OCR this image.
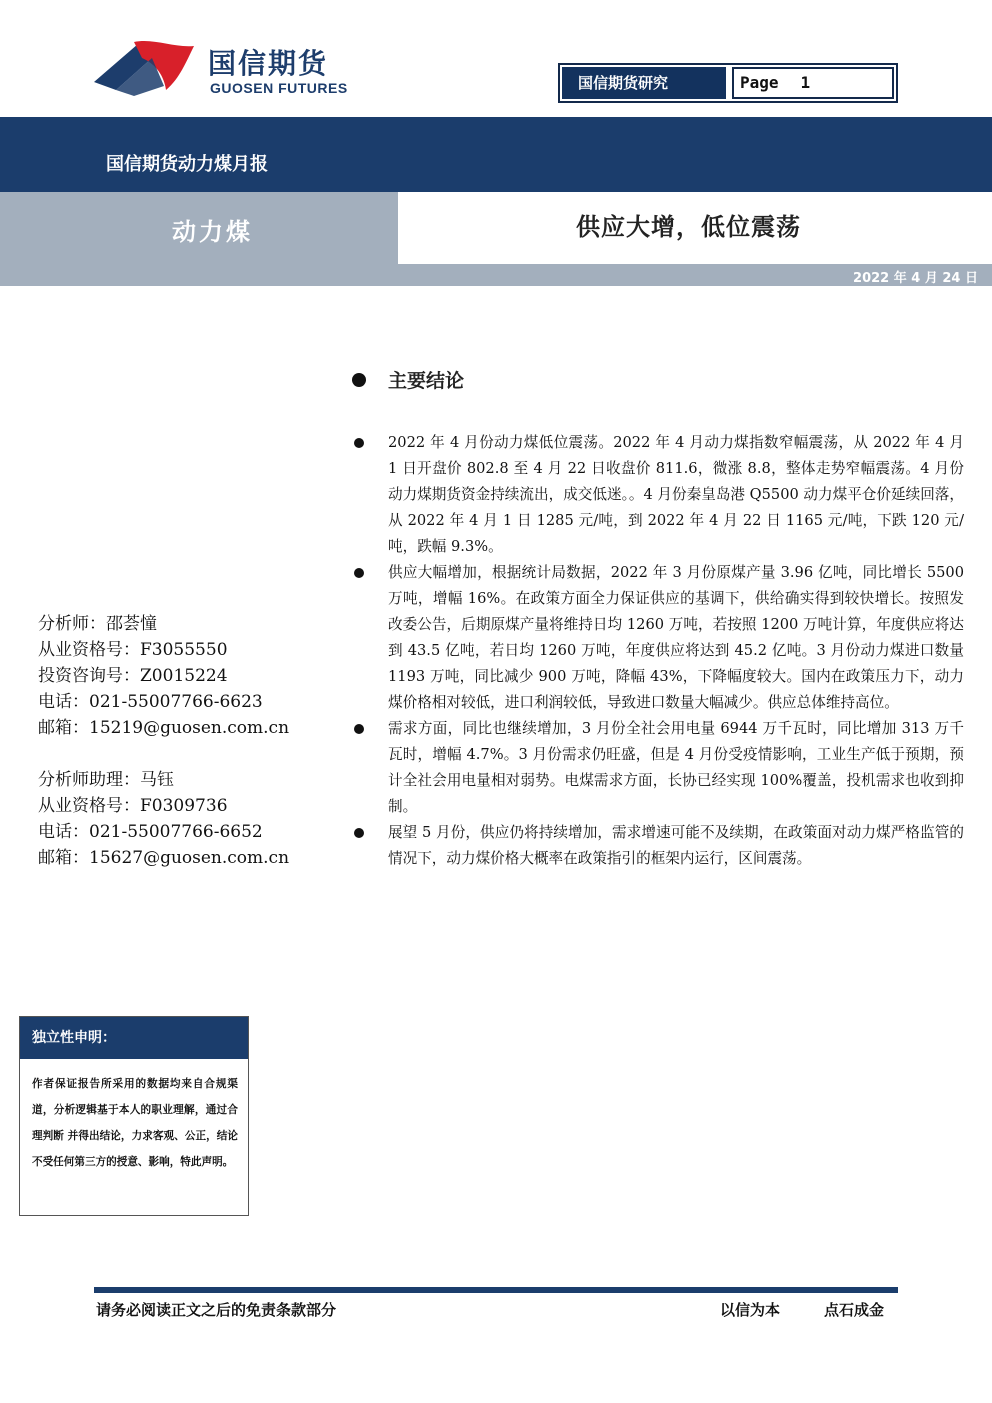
国信期货
GUOSEN FUTURES	国信期货研究	Page 1
国信期货动力煤月报
动力煤	供应大增，低位震荡
2022 年 4 月 24 日
主要结论
2022 年 4 月份动力煤低位震荡。2022 年 4 月动力煤指数窄幅震荡，从 2022 年 4 月 1 日开盘价 802.8 至 4 月 22 日收盘价 811.6，微涨 8.8，整体走势窄幅震荡。4 月份动力煤期货资金持续流出，成交低迷。。4 月份秦皇岛港 Q5500 动力煤平仓价延续回落，从 2022 年 4 月 1 日 1285 元/吨，到 2022 年 4 月 22 日 1165 元/吨，下跌 120 元/吨，跌幅 9.3%。
供应大幅增加，根据统计局数据，2022 年 3 月份原煤产量 3.96 亿吨，同比增长 5500 万吨，增幅 16%。在政策方面全力保证供应的基调下，供给确实得到较快增长。按照发改委公告，后期原煤产量将维持日均 1260 万吨，若按照 1200 万吨计算，年度供应将达到 43.5 亿吨，若日均 1260 万吨，年度供应将达到 45.2 亿吨。3 月份动力煤进口数量 1193 万吨，同比减少 900 万吨，降幅 43%，下降幅度较大。国内在政策压力下，动力煤价格相对较低，进口利润较低，导致进口数量大幅减少。供应总体维持高位。
需求方面，同比也继续增加，3 月份全社会用电量 6944 万千瓦时，同比增加 313 万千瓦时，增幅 4.7%。3 月份需求仍旺盛，但是 4 月份受疫情影响，工业生产低于预期，预计全社会用电量相对弱势。电煤需求方面，长协已经实现 100%覆盖，投机需求也收到抑制。
展望 5 月份，供应仍将持续增加，需求增速可能不及续期，在政策面对动力煤严格监管的情况下，动力煤价格大概率在政策指引的框架内运行，区间震荡。
分析师：邵荟憧
从业资格号：F3055550
投资咨询号：Z0015224
电话：021-55007766-6623
邮箱：15219@guosen.com.cn
分析师助理：马钰
从业资格号：F0309736
电话：021-55007766-6652
邮箱：15627@guosen.com.cn
独立性申明：
作者保证报告所采用的数据均来自合规渠道，分析逻辑基于本人的职业理解，通过合理判断 并得出结论，力求客观、公正，结论不受任何第三方的授意、影响，特此声明。
请务必阅读正文之后的免责条款部分	以信为本	点石成金
